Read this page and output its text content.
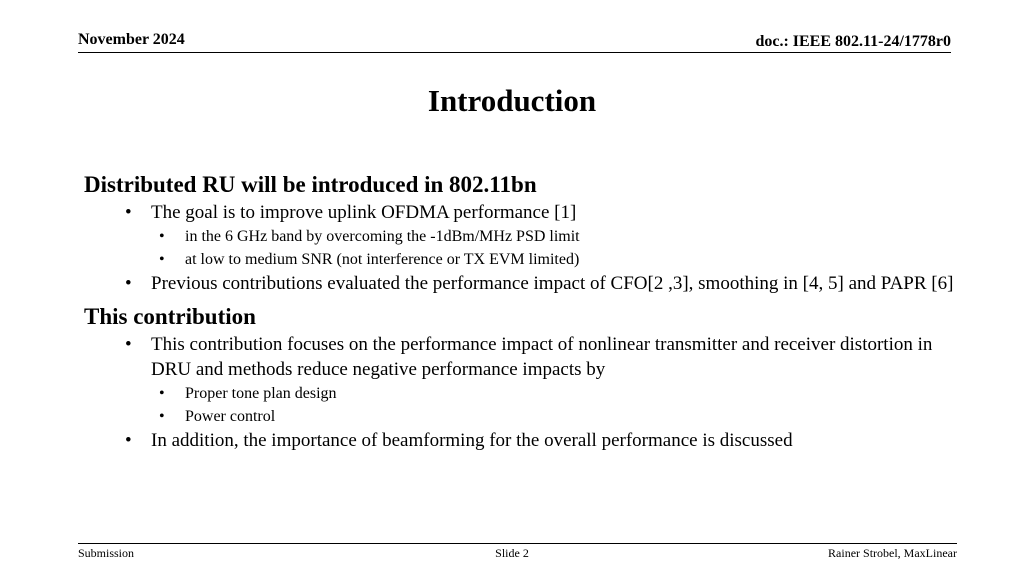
November 2024	doc.: IEEE 802.11-24/1778r0
Introduction
Distributed RU will be introduced in 802.11bn
• The goal is to improve uplink OFDMA performance [1]
• in the 6 GHz band by overcoming the -1dBm/MHz PSD limit
• at low to medium SNR (not interference or TX EVM limited)
• Previous contributions evaluated the performance impact of CFO[2 ,3], smoothing in [4, 5] and PAPR [6]
This contribution
• This contribution focuses on the performance impact of nonlinear transmitter and receiver distortion in DRU and methods reduce negative performance impacts by
• Proper tone plan design
• Power control
• In addition, the importance of beamforming for the overall performance is discussed
Submission	Slide 2	Rainer Strobel, MaxLinear
